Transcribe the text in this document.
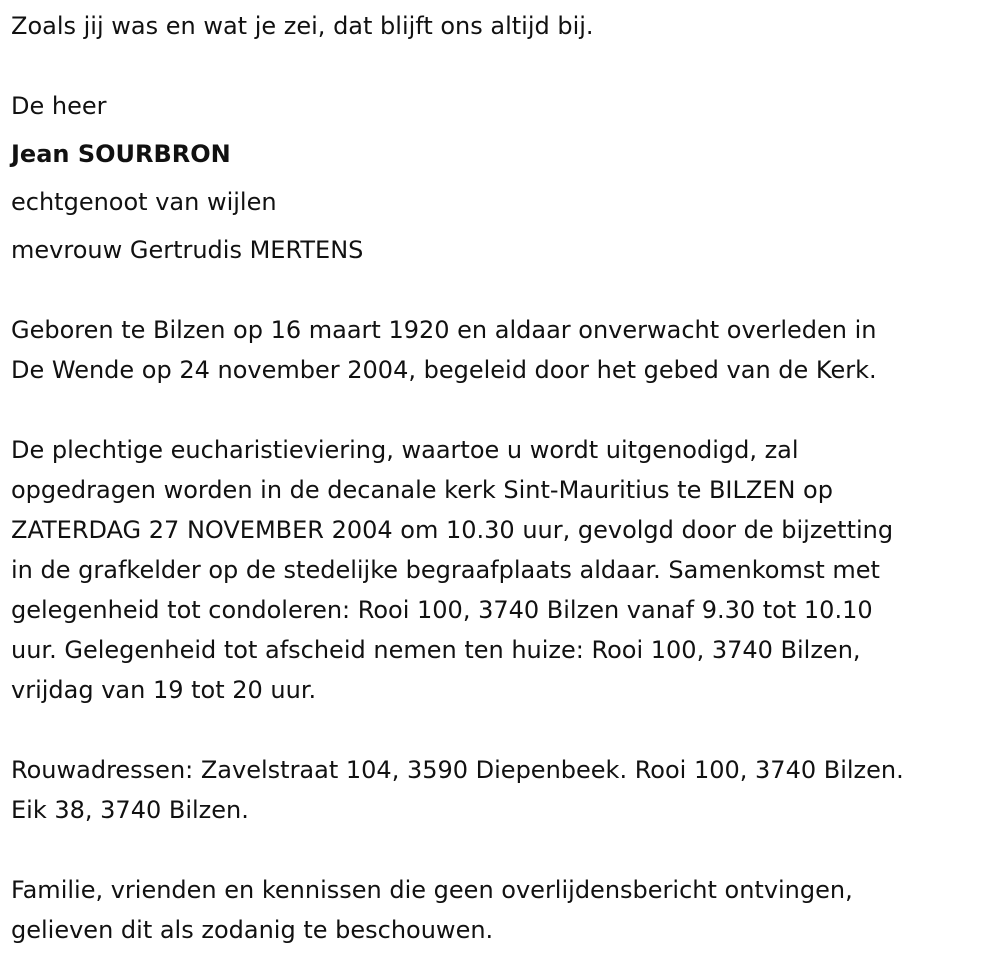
Zoals jij was en wat je zei, dat blijft ons altijd bij.
De heer
Jean SOURBRON
echtgenoot van wijlen
mevrouw Gertrudis MERTENS
Geboren te Bilzen op 16 maart 1920 en aldaar onverwacht overleden in
De Wende op 24 november 2004, begeleid door het gebed van de Kerk.
De plechtige eucharistieviering, waartoe u wordt uitgenodigd, zal
opgedragen worden in de decanale kerk Sint-Mauritius te BILZEN op
ZATERDAG 27 NOVEMBER 2004 om 10.30 uur, gevolgd door de bijzetting
in de grafkelder op de stedelijke begraafplaats aldaar. Samenkomst met
gelegenheid tot condoleren: Rooi 100, 3740 Bilzen vanaf 9.30 tot 10.10
uur. Gelegenheid tot afscheid nemen ten huize: Rooi 100, 3740 Bilzen,
vrijdag van 19 tot 20 uur.
Rouwadressen: Zavelstraat 104, 3590 Diepenbeek. Rooi 100, 3740 Bilzen.
Eik 38, 3740 Bilzen.
Familie, vrienden en kennissen die geen overlijdensbericht ontvingen,
gelieven dit als zodanig te beschouwen.
